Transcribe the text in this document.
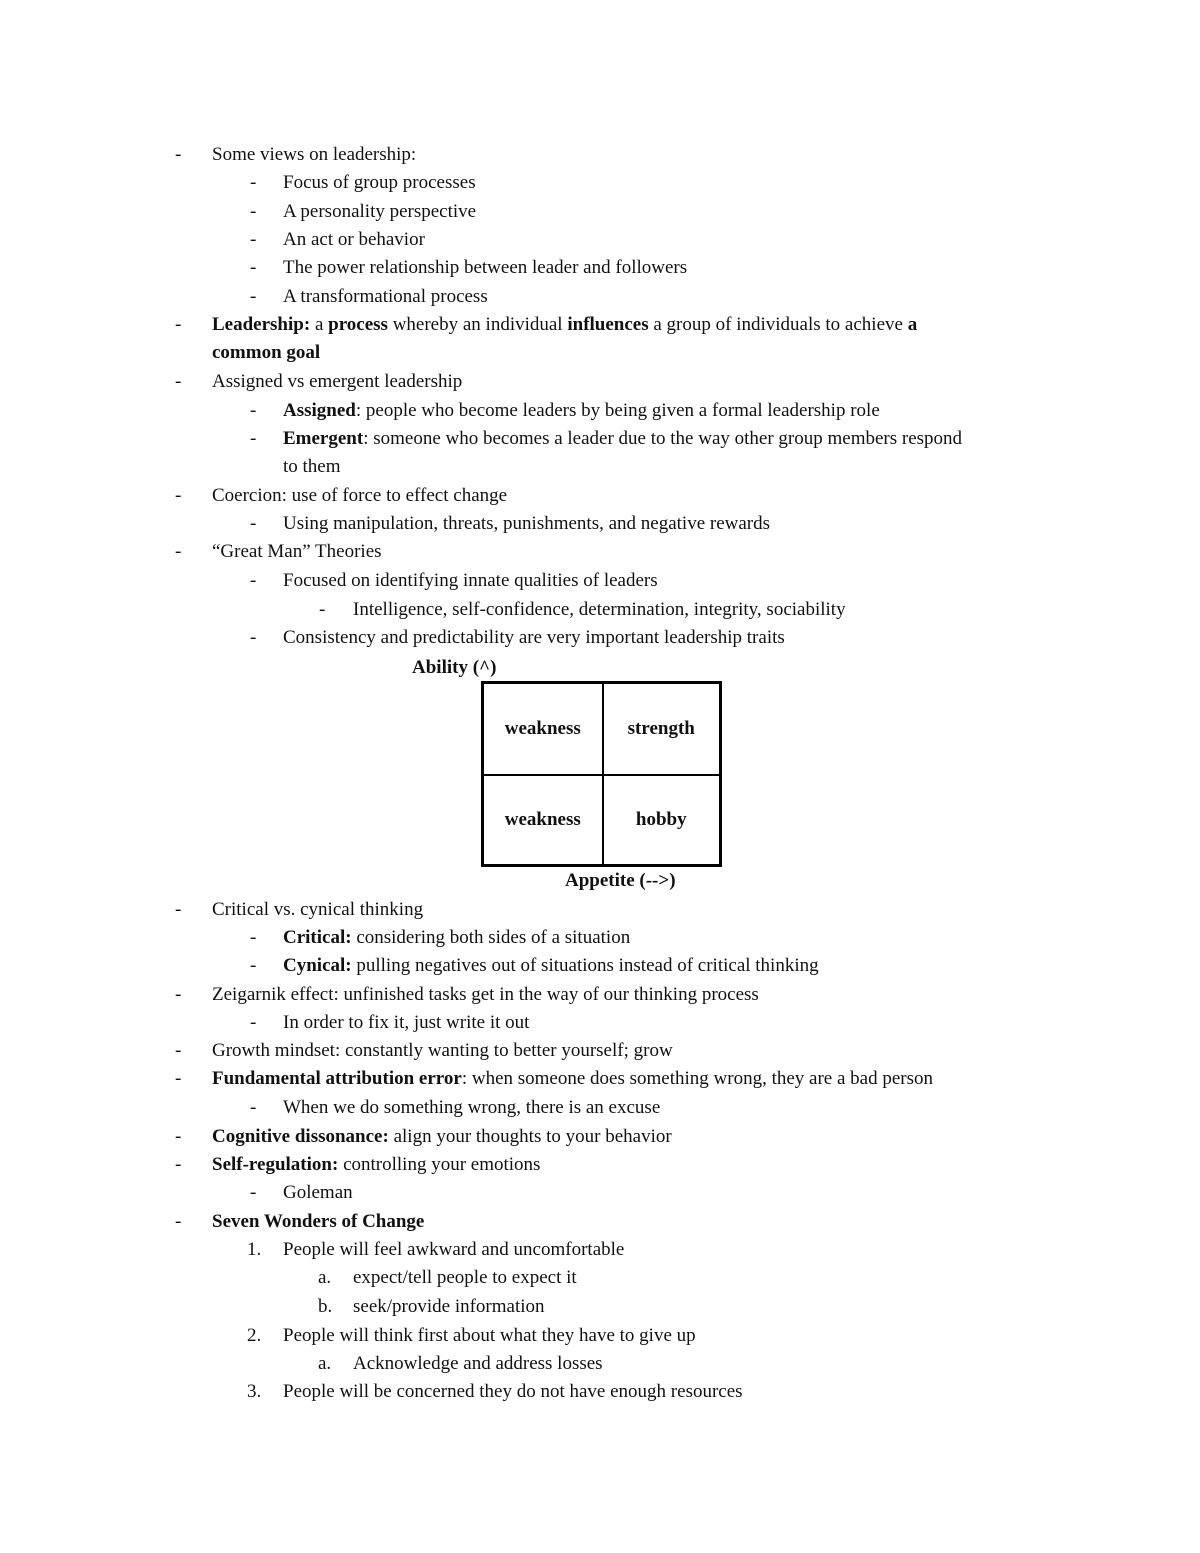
- Some views on leadership:
- Focus of group processes
- A personality perspective
- An act or behavior
- The power relationship between leader and followers
- A transformational process
- Leadership: a process whereby an individual influences a group of individuals to achieve a
common goal
- Assigned vs emergent leadership
- Assigned: people who become leaders by being given a formal leadership role
- Emergent: someone who becomes a leader due to the way other group members respond
to them
- Coercion: use of force to effect change
- Using manipulation, threats, punishments, and negative rewards
- “Great Man” Theories
- Focused on identifying innate qualities of leaders
- Intelligence, self-confidence, determination, integrity, sociability
- Consistency and predictability are very important leadership traits
Ability (^)
weakness	strength
weakness	hobby
Appetite (-->)
- Critical vs. cynical thinking
- Critical: considering both sides of a situation
- Cynical: pulling negatives out of situations instead of critical thinking
- Zeigarnik effect: unfinished tasks get in the way of our thinking process
- In order to fix it, just write it out
- Growth mindset: constantly wanting to better yourself; grow
- Fundamental attribution error: when someone does something wrong, they are a bad person
- When we do something wrong, there is an excuse
- Cognitive dissonance: align your thoughts to your behavior
- Self-regulation: controlling your emotions
- Goleman
- Seven Wonders of Change
1. People will feel awkward and uncomfortable
a. expect/tell people to expect it
b. seek/provide information
2. People will think first about what they have to give up
a. Acknowledge and address losses
3. People will be concerned they do not have enough resources
